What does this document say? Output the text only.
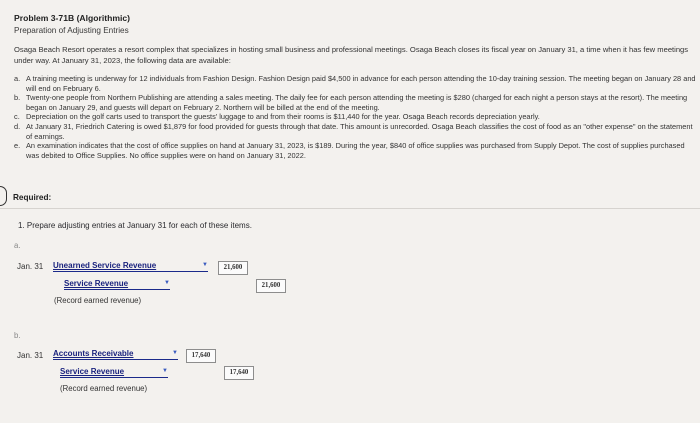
Problem 3-71B (Algorithmic)
Preparation of Adjusting Entries
Osaga Beach Resort operates a resort complex that specializes in hosting small business and professional meetings. Osaga Beach closes its fiscal year on January 31, a time when it has few meetings under way. At January 31, 2023, the following data are available:
a. A training meeting is underway for 12 individuals from Fashion Design. Fashion Design paid $4,500 in advance for each person attending the 10-day training session. The meeting began on January 28 and will end on February 6.
b. Twenty-one people from Northern Publishing are attending a sales meeting. The daily fee for each person attending the meeting is $280 (charged for each night a person stays at the resort). The meeting began on January 29, and guests will depart on February 2. Northern will be billed at the end of the meeting.
c. Depreciation on the golf carts used to transport the guests' luggage to and from their rooms is $11,440 for the year. Osaga Beach records depreciation yearly.
d. At January 31, Friedrich Catering is owed $1,879 for food provided for guests through that date. This amount is unrecorded. Osaga Beach classifies the cost of food as an "other expense" on the statement of earnings.
e. An examination indicates that the cost of office supplies on hand at January 31, 2023, is $189. During the year, $840 of office supplies was purchased from Supply Depot. The cost of supplies purchased was debited to Office Supplies. No office supplies were on hand on January 31, 2022.
Required:
1. Prepare adjusting entries at January 31 for each of these items.
a.
Jan. 31 Unearned Service Revenue	▼	21,600
Service Revenue	▼	21,600
(Record earned revenue)
b.
Jan. 31 Accounts Receivable	▼	17,640
Service Revenue	▼	17,640
(Record earned revenue)
